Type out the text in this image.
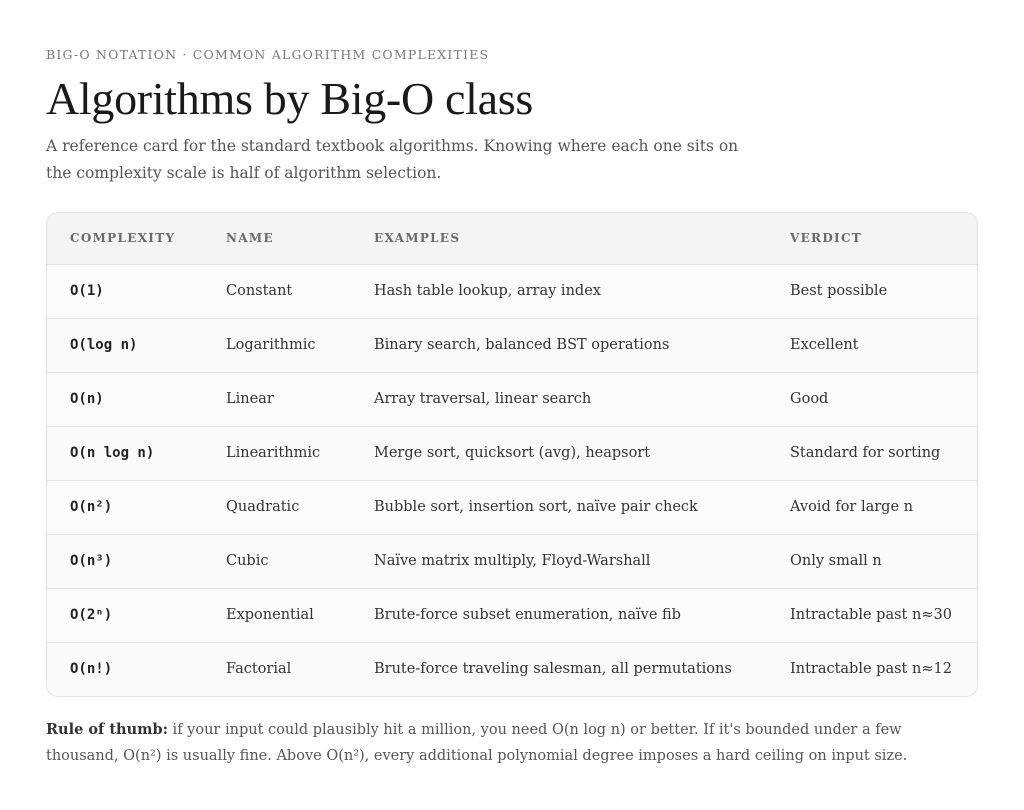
BIG-O NOTATION · COMMON ALGORITHM COMPLEXITIES

Algorithms by Big-O class

A reference card for the standard textbook algorithms. Knowing where each one sits on the complexity scale is half of algorithm selection.

COMPLEXITY	NAME	EXAMPLES	VERDICT
O(1)	Constant	Hash table lookup, array index	Best possible
O(log n)	Logarithmic	Binary search, balanced BST operations	Excellent
O(n)	Linear	Array traversal, linear search	Good
O(n log n)	Linearithmic	Merge sort, quicksort (avg), heapsort	Standard for sorting
O(n²)	Quadratic	Bubble sort, insertion sort, naïve pair check	Avoid for large n
O(n³)	Cubic	Naïve matrix multiply, Floyd-Warshall	Only small n
O(2ⁿ)	Exponential	Brute-force subset enumeration, naïve fib	Intractable past n≈30
O(n!)	Factorial	Brute-force traveling salesman, all permutations	Intractable past n≈12

Rule of thumb: if your input could plausibly hit a million, you need O(n log n) or better. If it's bounded under a few thousand, O(n²) is usually fine. Above O(n²), every additional polynomial degree imposes a hard ceiling on input size.
